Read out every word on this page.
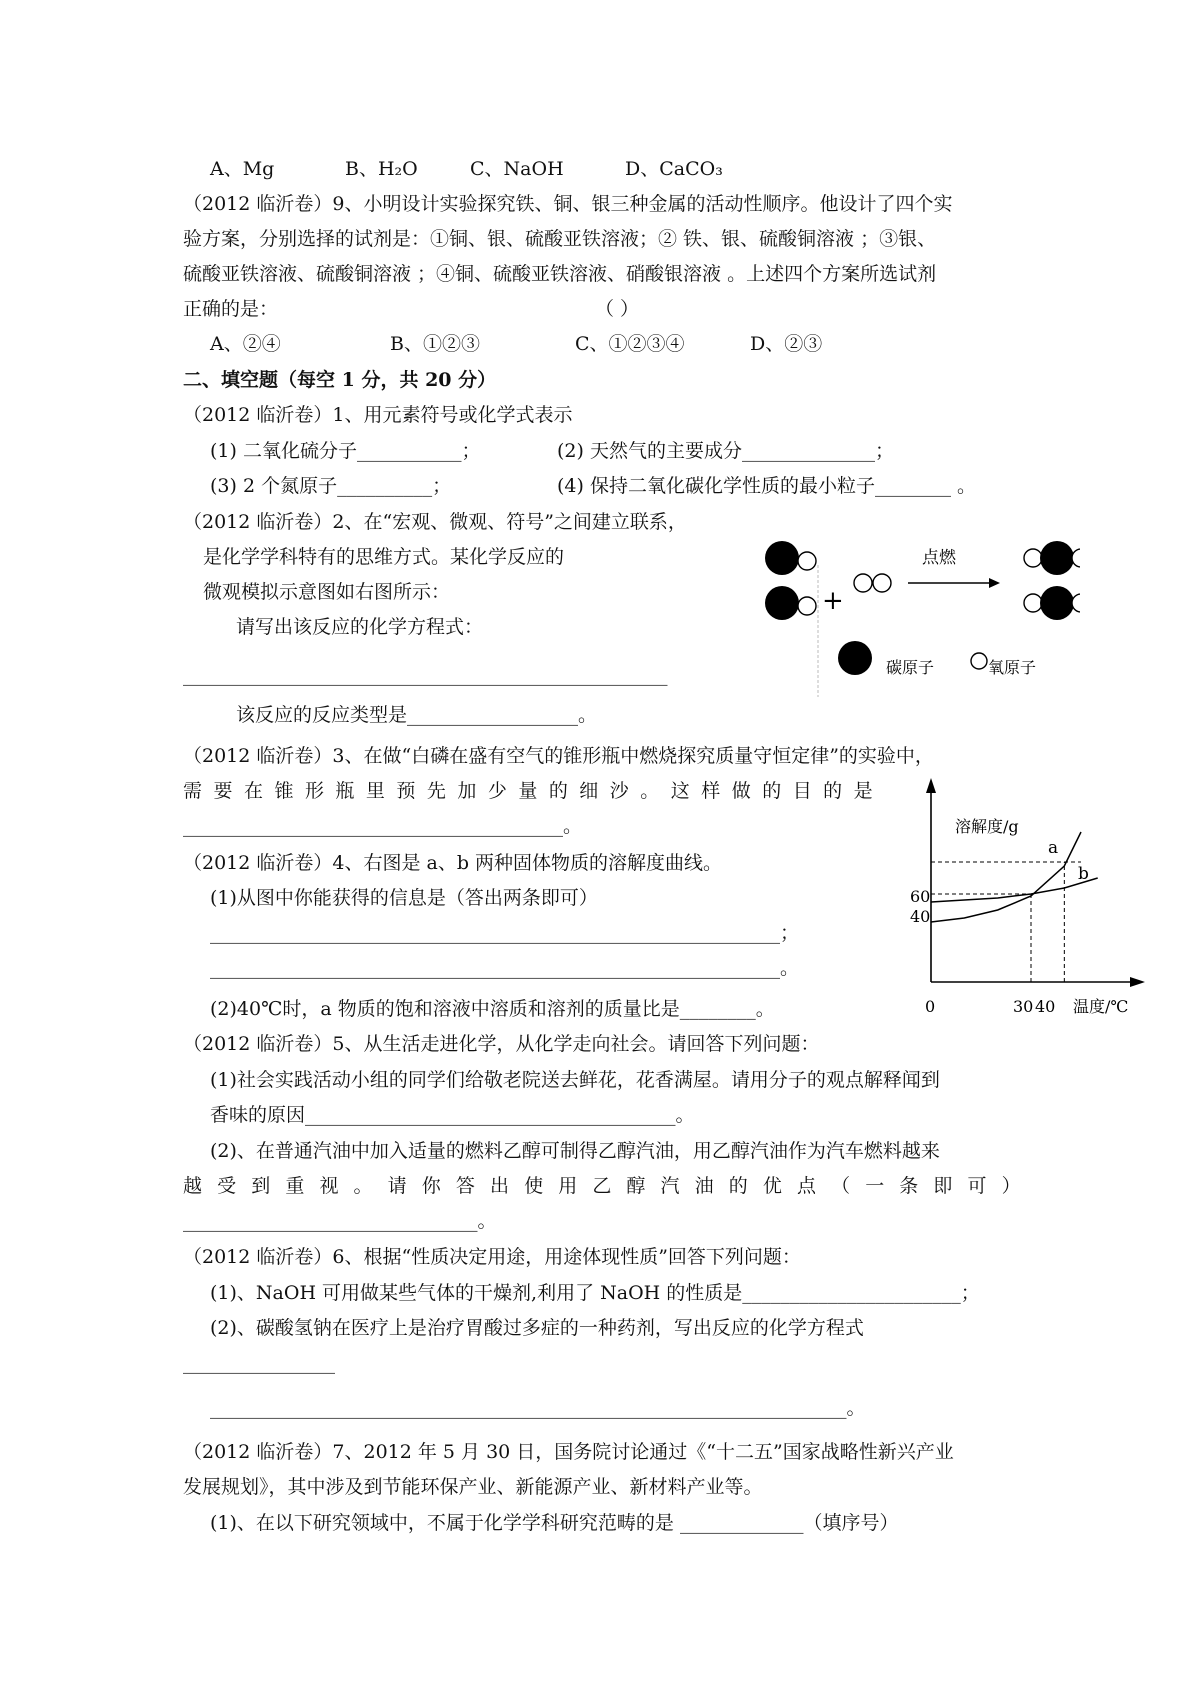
A、Mg	B、H₂O	C、NaOH	D、CaCO₃
（2012 临沂卷）9、小明设计实验探究铁、铜、银三种金属的活动性顺序。他设计了四个实
验方案，分别选择的试剂是：①铜、银、硫酸亚铁溶液；② 铁、银、硫酸铜溶液 ；③银、
硫酸亚铁溶液、硫酸铜溶液 ；④铜、硫酸亚铁溶液、硝酸银溶液 。上述四个方案所选试剂
正确的是：	（ ）
A、②④	B、①②③	C、①②③④	D、②③
二、填空题（每空 1 分，共 20 分）
（2012 临沂卷）1、用元素符号或化学式表示
(1) 二氧化硫分子___________；	(2) 天然气的主要成分______________；
(3) 2 个氮原子__________；	(4) 保持二氧化碳化学性质的最小粒子________ 。
（2012 临沂卷）2、在“宏观、微观、符号”之间建立联系，
是化学学科特有的思维方式。某化学反应的
微观模拟示意图如右图所示：
请写出该反应的化学方程式：
___________________________________________________
该反应的反应类型是__________________。
+
点燃
碳原子	氧原子
（2012 临沂卷）3、在做“白磷在盛有空气的锥形瓶中燃烧探究质量守恒定律”的实验中，
需 要 在 锥 形 瓶 里 预 先 加 少 量 的 细 沙 。 这 样 做 的 目 的 是
________________________________________。
（2012 临沂卷）4、右图是 a、b 两种固体物质的溶解度曲线。
(1)从图中你能获得的信息是（答出两条即可）
____________________________________________________________；
____________________________________________________________。
(2)40℃时，a 物质的饱和溶液中溶质和溶剂的质量比是________。
溶解度/g
温度/℃
0	30 40
40
60
a
b
（2012 临沂卷）5、从生活走进化学，从化学走向社会。请回答下列问题：
(1)社会实践活动小组的同学们给敬老院送去鲜花，花香满屋。请用分子的观点解释闻到
香味的原因_______________________________________。
(2)、在普通汽油中加入适量的燃料乙醇可制得乙醇汽油，用乙醇汽油作为汽车燃料越来
越 受 到 重 视 。 请 你 答 出 使 用 乙 醇 汽 油 的 优 点 （ 一 条 即 可 ）
_______________________________。
（2012 临沂卷）6、根据“性质决定用途，用途体现性质”回答下列问题：
(1)、NaOH 可用做某些气体的干燥剂,利用了 NaOH 的性质是_______________________；
(2)、碳酸氢钠在医疗上是治疗胃酸过多症的一种药剂，写出反应的化学方程式
________________
___________________________________________________________________。
（2012 临沂卷）7、2012 年 5 月 30 日，国务院讨论通过《“十二五”国家战略性新兴产业
发展规划》，其中涉及到节能环保产业、新能源产业、新材料产业等。
(1)、在以下研究领域中，不属于化学学科研究范畴的是 _____________（填序号）
